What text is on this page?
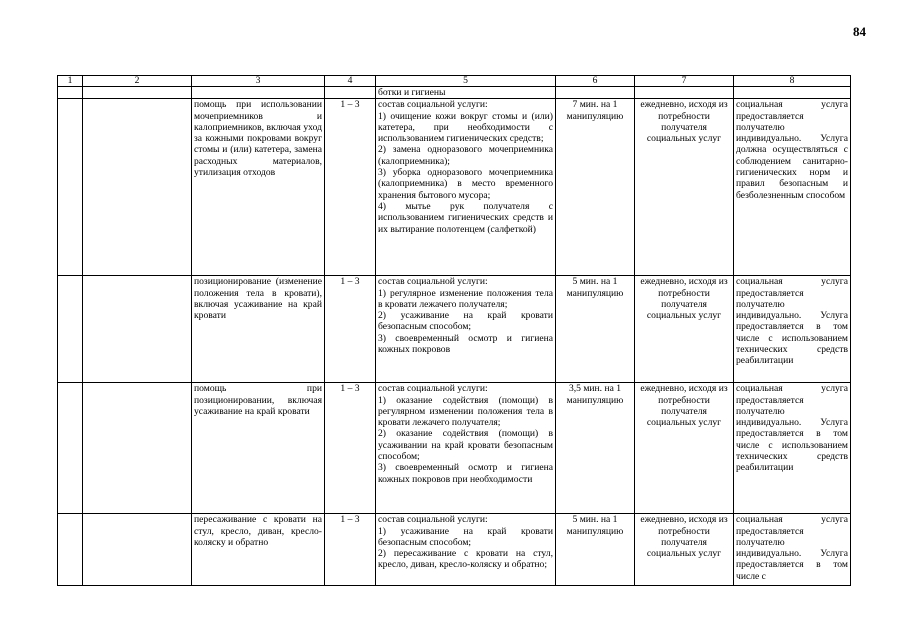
84
1	2	3	4	5	6	7	8
				ботки и гигиены			
		помощь при использовании мочеприемников и калоприемников, включая уход за кожными покровами вокруг стомы и (или) катетера, замена расходных материалов, утилизация отходов	1 – 3	состав социальной услуги:
1) очищение кожи вокруг стомы и (или) катетера, при необходимости с использованием гигиенических средств;
2) замена одноразового мочеприемника (калоприемника);
3) уборка одноразового мочеприемника (калоприемника) в место временного хранения бытового мусора;
4) мытье рук получателя с использованием гигиенических средств и их вытирание полотенцем (салфеткой)	7 мин. на 1 манипуляцию	ежедневно, исходя из потребности получателя социальных услуг	социальная услуга предоставляется получателю индивидуально. Услуга должна осуществляться с соблюдением санитарно-гигиенических норм и правил безопасным и безболезненным способом
		позиционирование (изменение положения тела в кровати), включая усаживание на край кровати	1 – 3	состав социальной услуги:
1) регулярное изменение положения тела в кровати лежачего получателя;
2) усаживание на край кровати безопасным способом;
3) своевременный осмотр и гигиена кожных покровов	5 мин. на 1 манипуляцию	ежедневно, исходя из потребности получателя социальных услуг	социальная услуга предоставляется получателю индивидуально. Услуга предоставляется в том числе с использованием технических средств реабилитации
		помощь при позиционировании, включая усаживание на край кровати	1 – 3	состав социальной услуги:
1) оказание содействия (помощи) в регулярном изменении положения тела в кровати лежачего получателя;
2) оказание содействия (помощи) в усаживании на край кровати безопасным способом;
3) своевременный осмотр и гигиена кожных покровов при необходимости	3,5 мин. на 1 манипуляцию	ежедневно, исходя из потребности получателя социальных услуг	социальная услуга предоставляется получателю индивидуально. Услуга предоставляется в том числе с использованием технических средств реабилитации
		пересаживание с кровати на стул, кресло, диван, кресло-коляску и обратно	1 – 3	состав социальной услуги:
1) усаживание на край кровати безопасным способом;
2) пересаживание с кровати на стул, кресло, диван, кресло-коляску и обратно;	5 мин. на 1 манипуляцию	ежедневно, исходя из потребности получателя социальных услуг	социальная услуга предоставляется получателю индивидуально. Услуга предоставляется в том числе с
